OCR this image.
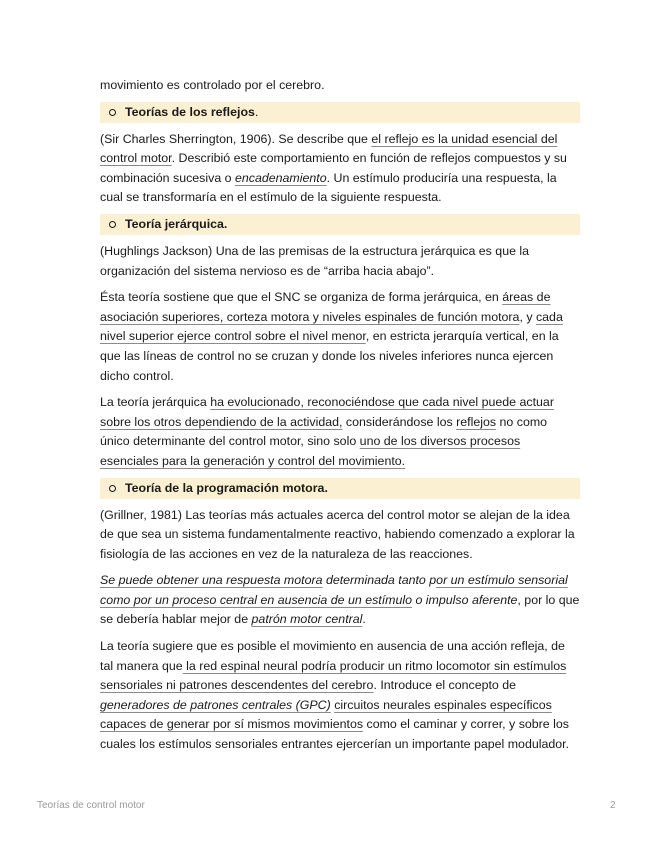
movimiento es controlado por el cerebro.

Teorías de los reflejos .

(Sir Charles Sherrington, 1906). Se describe que el reflejo es la unidad esencial del control motor. Describió este comportamiento en función de reflejos compuestos y su combinación sucesiva o encadenamiento. Un estímulo produciría una respuesta, la cual se transformaría en el estímulo de la siguiente respuesta.

Teoría jerárquica.

(Hughlings Jackson) Una de las premisas de la estructura jerárquica es que la organización del sistema nervioso es de “arriba hacia abajo”.

Ésta teoría sostiene que que el SNC se organiza de forma jerárquica, en áreas de asociación superiores, corteza motora y niveles espinales de función motora, y cada nivel superior ejerce control sobre el nivel menor, en estricta jerarquía vertical, en la que las líneas de control no se cruzan y donde los niveles inferiores nunca ejercen dicho control.

La teoría jerárquica ha evolucionado, reconociéndose que cada nivel puede actuar sobre los otros dependiendo de la actividad, considerándose los reflejos no como único determinante del control motor, sino solo uno de los diversos procesos esenciales para la generación y control del movimiento.

Teoría de la programación motora.

(Grillner, 1981) Las teorías más actuales acerca del control motor se alejan de la idea de que sea un sistema fundamentalmente reactivo, habiendo comenzado a explorar la fisiología de las acciones en vez de la naturaleza de las reacciones.

Se puede obtener una respuesta motora determinada tanto por un estímulo sensorial como por un proceso central en ausencia de un estímulo o impulso aferente, por lo que se debería hablar mejor de patrón motor central.

La teoría sugiere que es posible el movimiento en ausencia de una acción refleja, de tal manera que la red espinal neural podría producir un ritmo locomotor sin estímulos sensoriales ni patrones descendentes del cerebro. Introduce el concepto de generadores de patrones centrales (GPC) circuitos neurales espinales específicos capaces de generar por sí mismos movimientos como el caminar y correr, y sobre los cuales los estímulos sensoriales entrantes ejercerían un importante papel modulador.

Teorías de control motor	2
